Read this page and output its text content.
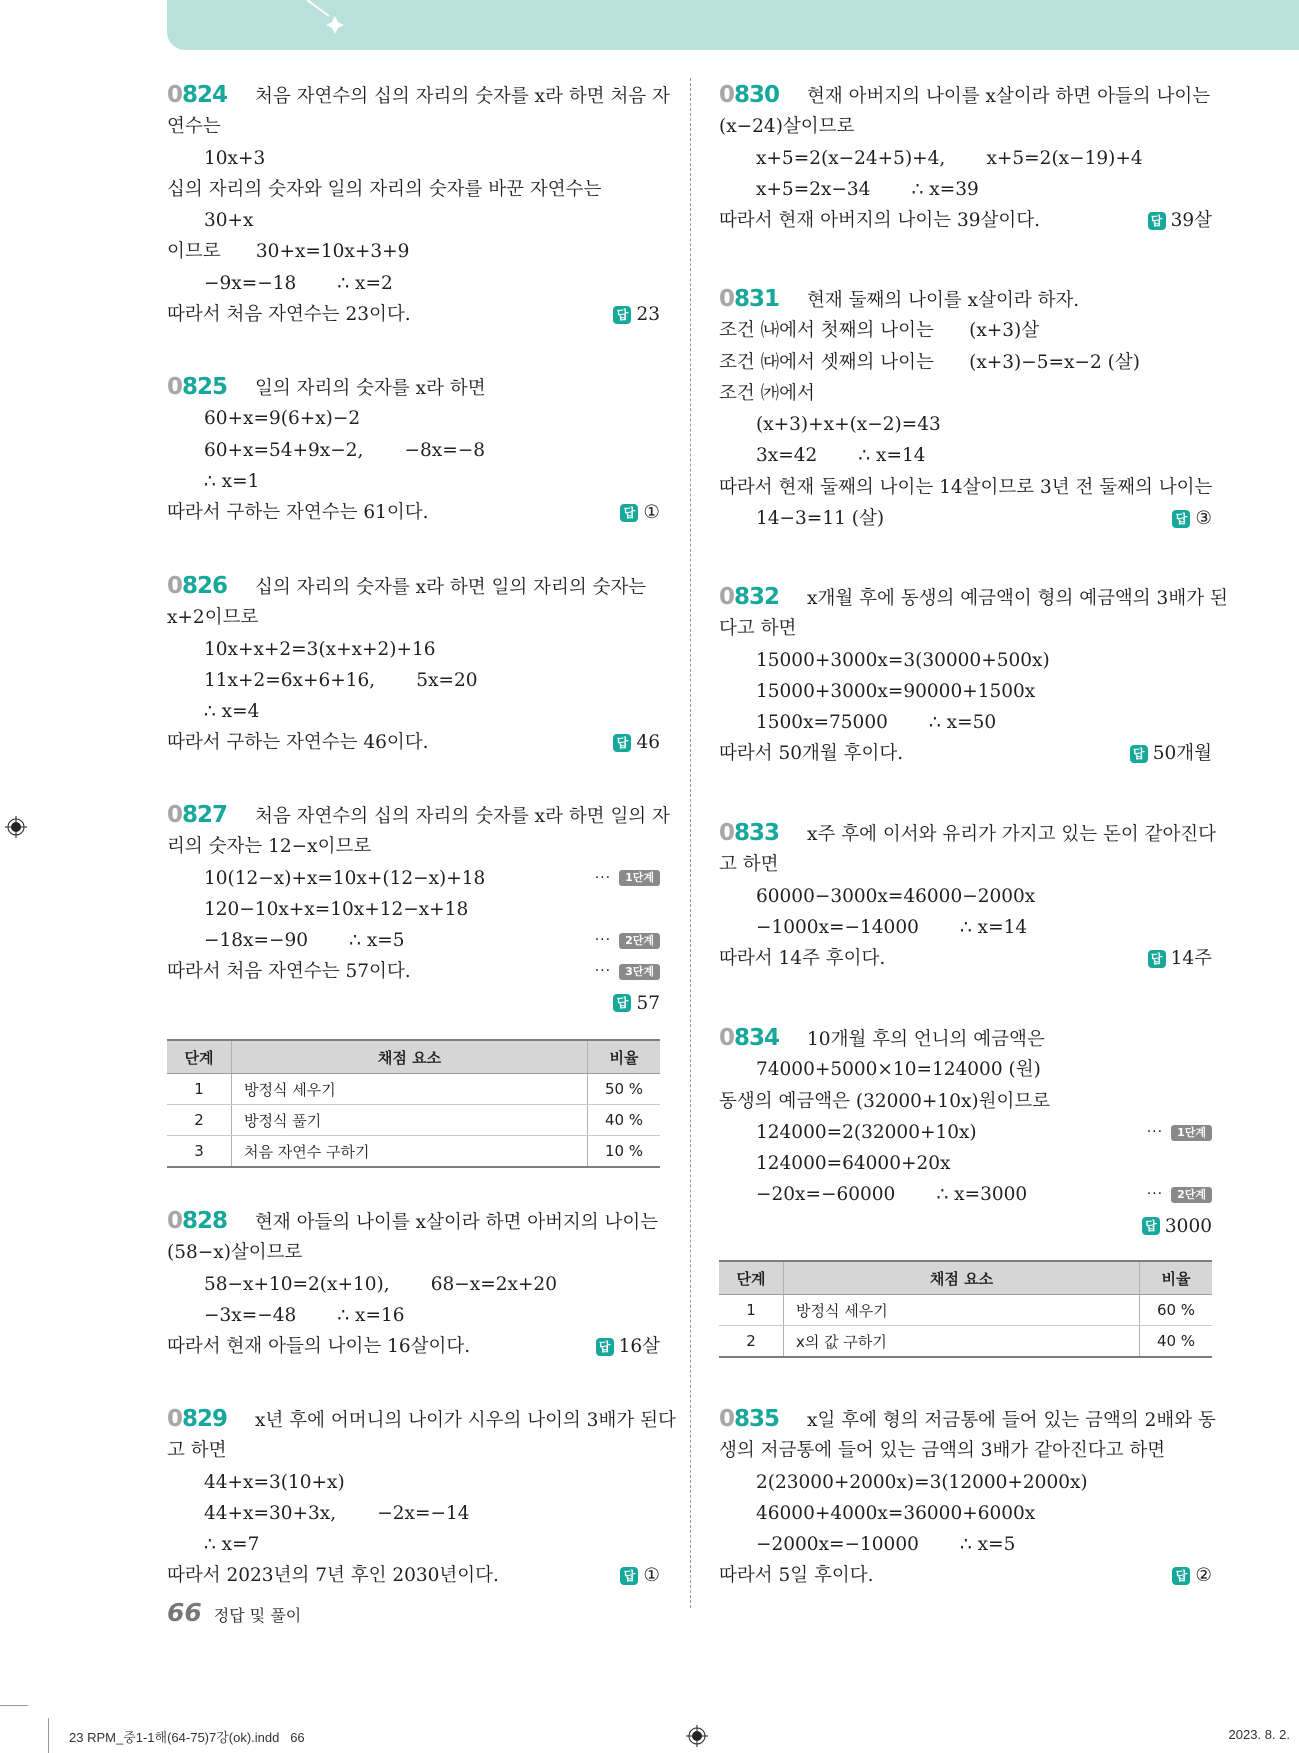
66 정답 및 풀이
23 RPM_중1-1해(64-75)7강(ok).indd   66	2023. 8. 2.
0824 처음 자연수의 십의 자리의 숫자를 x라 하면 처음 자
연수는
10x+3
십의 자리의 숫자와 일의 자리의 숫자를 바꾼 자연수는
30+x
이므로      30+x=10x+3+9
−9x=−18       ∴ x=2
따라서 처음 자연수는 23이다.	답 23
0825 일의 자리의 숫자를 x라 하면
60+x=9(6+x)−2
60+x=54+9x−2,       −8x=−8
∴ x=1
따라서 구하는 자연수는 61이다.	답 ①
0826 십의 자리의 숫자를 x라 하면 일의 자리의 숫자는
x+2이므로
10x+x+2=3(x+x+2)+16
11x+2=6x+6+16,       5x=20
∴ x=4
따라서 구하는 자연수는 46이다.	답 46
0827 처음 자연수의 십의 자리의 숫자를 x라 하면 일의 자
리의 숫자는 12−x이므로
10(12−x)+x=10x+(12−x)+18	···	1단계
120−10x+x=10x+12−x+18
−18x=−90       ∴ x=5	···	2단계
따라서 처음 자연수는 57이다.	···	3단계
답 57
단계	채점 요소	비율
1	방정식 세우기	50 %
2	방정식 풀기	40 %
3	처음 자연수 구하기	10 %
0828 현재 아들의 나이를 x살이라 하면 아버지의 나이는
(58−x)살이므로
58−x+10=2(x+10),       68−x=2x+20
−3x=−48       ∴ x=16
따라서 현재 아들의 나이는 16살이다.	답 16살
0829 x년 후에 어머니의 나이가 시우의 나이의 3배가 된다
고 하면
44+x=3(10+x)
44+x=30+3x,       −2x=−14
∴ x=7
따라서 2023년의 7년 후인 2030년이다.	답 ①
0830 현재 아버지의 나이를 x살이라 하면 아들의 나이는
(x−24)살이므로
x+5=2(x−24+5)+4,       x+5=2(x−19)+4
x+5=2x−34       ∴ x=39
따라서 현재 아버지의 나이는 39살이다.	답 39살
0831 현재 둘째의 나이를 x살이라 하자.
조건 ㈏에서 첫째의 나이는      (x+3)살
조건 ㈐에서 셋째의 나이는      (x+3)−5=x−2 (살)
조건 ㈎에서
(x+3)+x+(x−2)=43
3x=42       ∴ x=14
따라서 현재 둘째의 나이는 14살이므로 3년 전 둘째의 나이는
14−3=11 (살)	답 ③
0832 x개월 후에 동생의 예금액이 형의 예금액의 3배가 된
다고 하면
15000+3000x=3(30000+500x)
15000+3000x=90000+1500x
1500x=75000       ∴ x=50
따라서 50개월 후이다.	답 50개월
0833 x주 후에 이서와 유리가 가지고 있는 돈이 같아진다
고 하면
60000−3000x=46000−2000x
−1000x=−14000       ∴ x=14
따라서 14주 후이다.	답 14주
0834 10개월 후의 언니의 예금액은
74000+5000×10=124000 (원)
동생의 예금액은 (32000+10x)원이므로
124000=2(32000+10x)	···	1단계
124000=64000+20x
−20x=−60000       ∴ x=3000	···	2단계
답 3000
단계	채점 요소	비율
1	방정식 세우기	60 %
2	x의 값 구하기	40 %
0835 x일 후에 형의 저금통에 들어 있는 금액의 2배와 동
생의 저금통에 들어 있는 금액의 3배가 같아진다고 하면
2(23000+2000x)=3(12000+2000x)
46000+4000x=36000+6000x
−2000x=−10000       ∴ x=5
따라서 5일 후이다.	답 ②
